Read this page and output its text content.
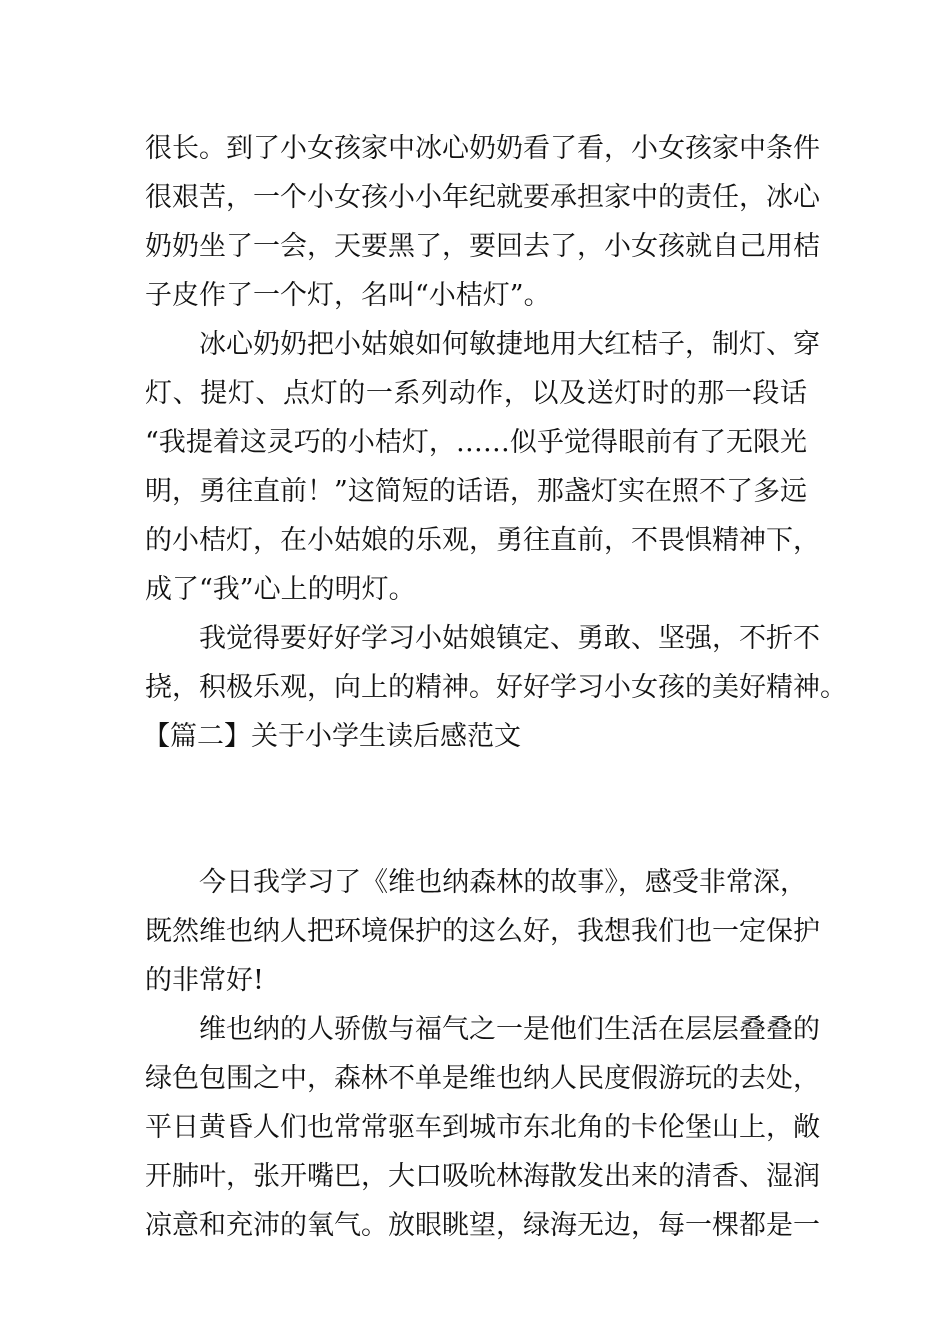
很长。到了小女孩家中冰心奶奶看了看，小女孩家中条件
很艰苦，一个小女孩小小年纪就要承担家中的责任，冰心
奶奶坐了一会，天要黑了，要回去了，小女孩就自己用桔
子皮作了一个灯，名叫“小桔灯”。
冰心奶奶把小姑娘如何敏捷地用大红桔子，制灯、穿
灯、提灯、点灯的一系列动作，以及送灯时的那一段话
“我提着这灵巧的小桔灯，……似乎觉得眼前有了无限光
明，勇往直前！”这简短的话语，那盏灯实在照不了多远
的小桔灯，在小姑娘的乐观，勇往直前，不畏惧精神下，
成了“我”心上的明灯。
我觉得要好好学习小姑娘镇定、勇敢、坚强，不折不
挠，积极乐观，向上的精神。好好学习小女孩的美好精神。
【篇二】关于小学生读后感范文
今日我学习了《维也纳森林的故事》，感受非常深，
既然维也纳人把环境保护的这么好，我想我们也一定保护
的非常好!
维也纳的人骄傲与福气之一是他们生活在层层叠叠的
绿色包围之中，森林不单是维也纳人民度假游玩的去处，
平日黄昏人们也常常驱车到城市东北角的卡伦堡山上，敞
开肺叶，张开嘴巴，大口吸吮林海散发出来的清香、湿润
凉意和充沛的氧气。放眼眺望，绿海无边，每一棵都是一
